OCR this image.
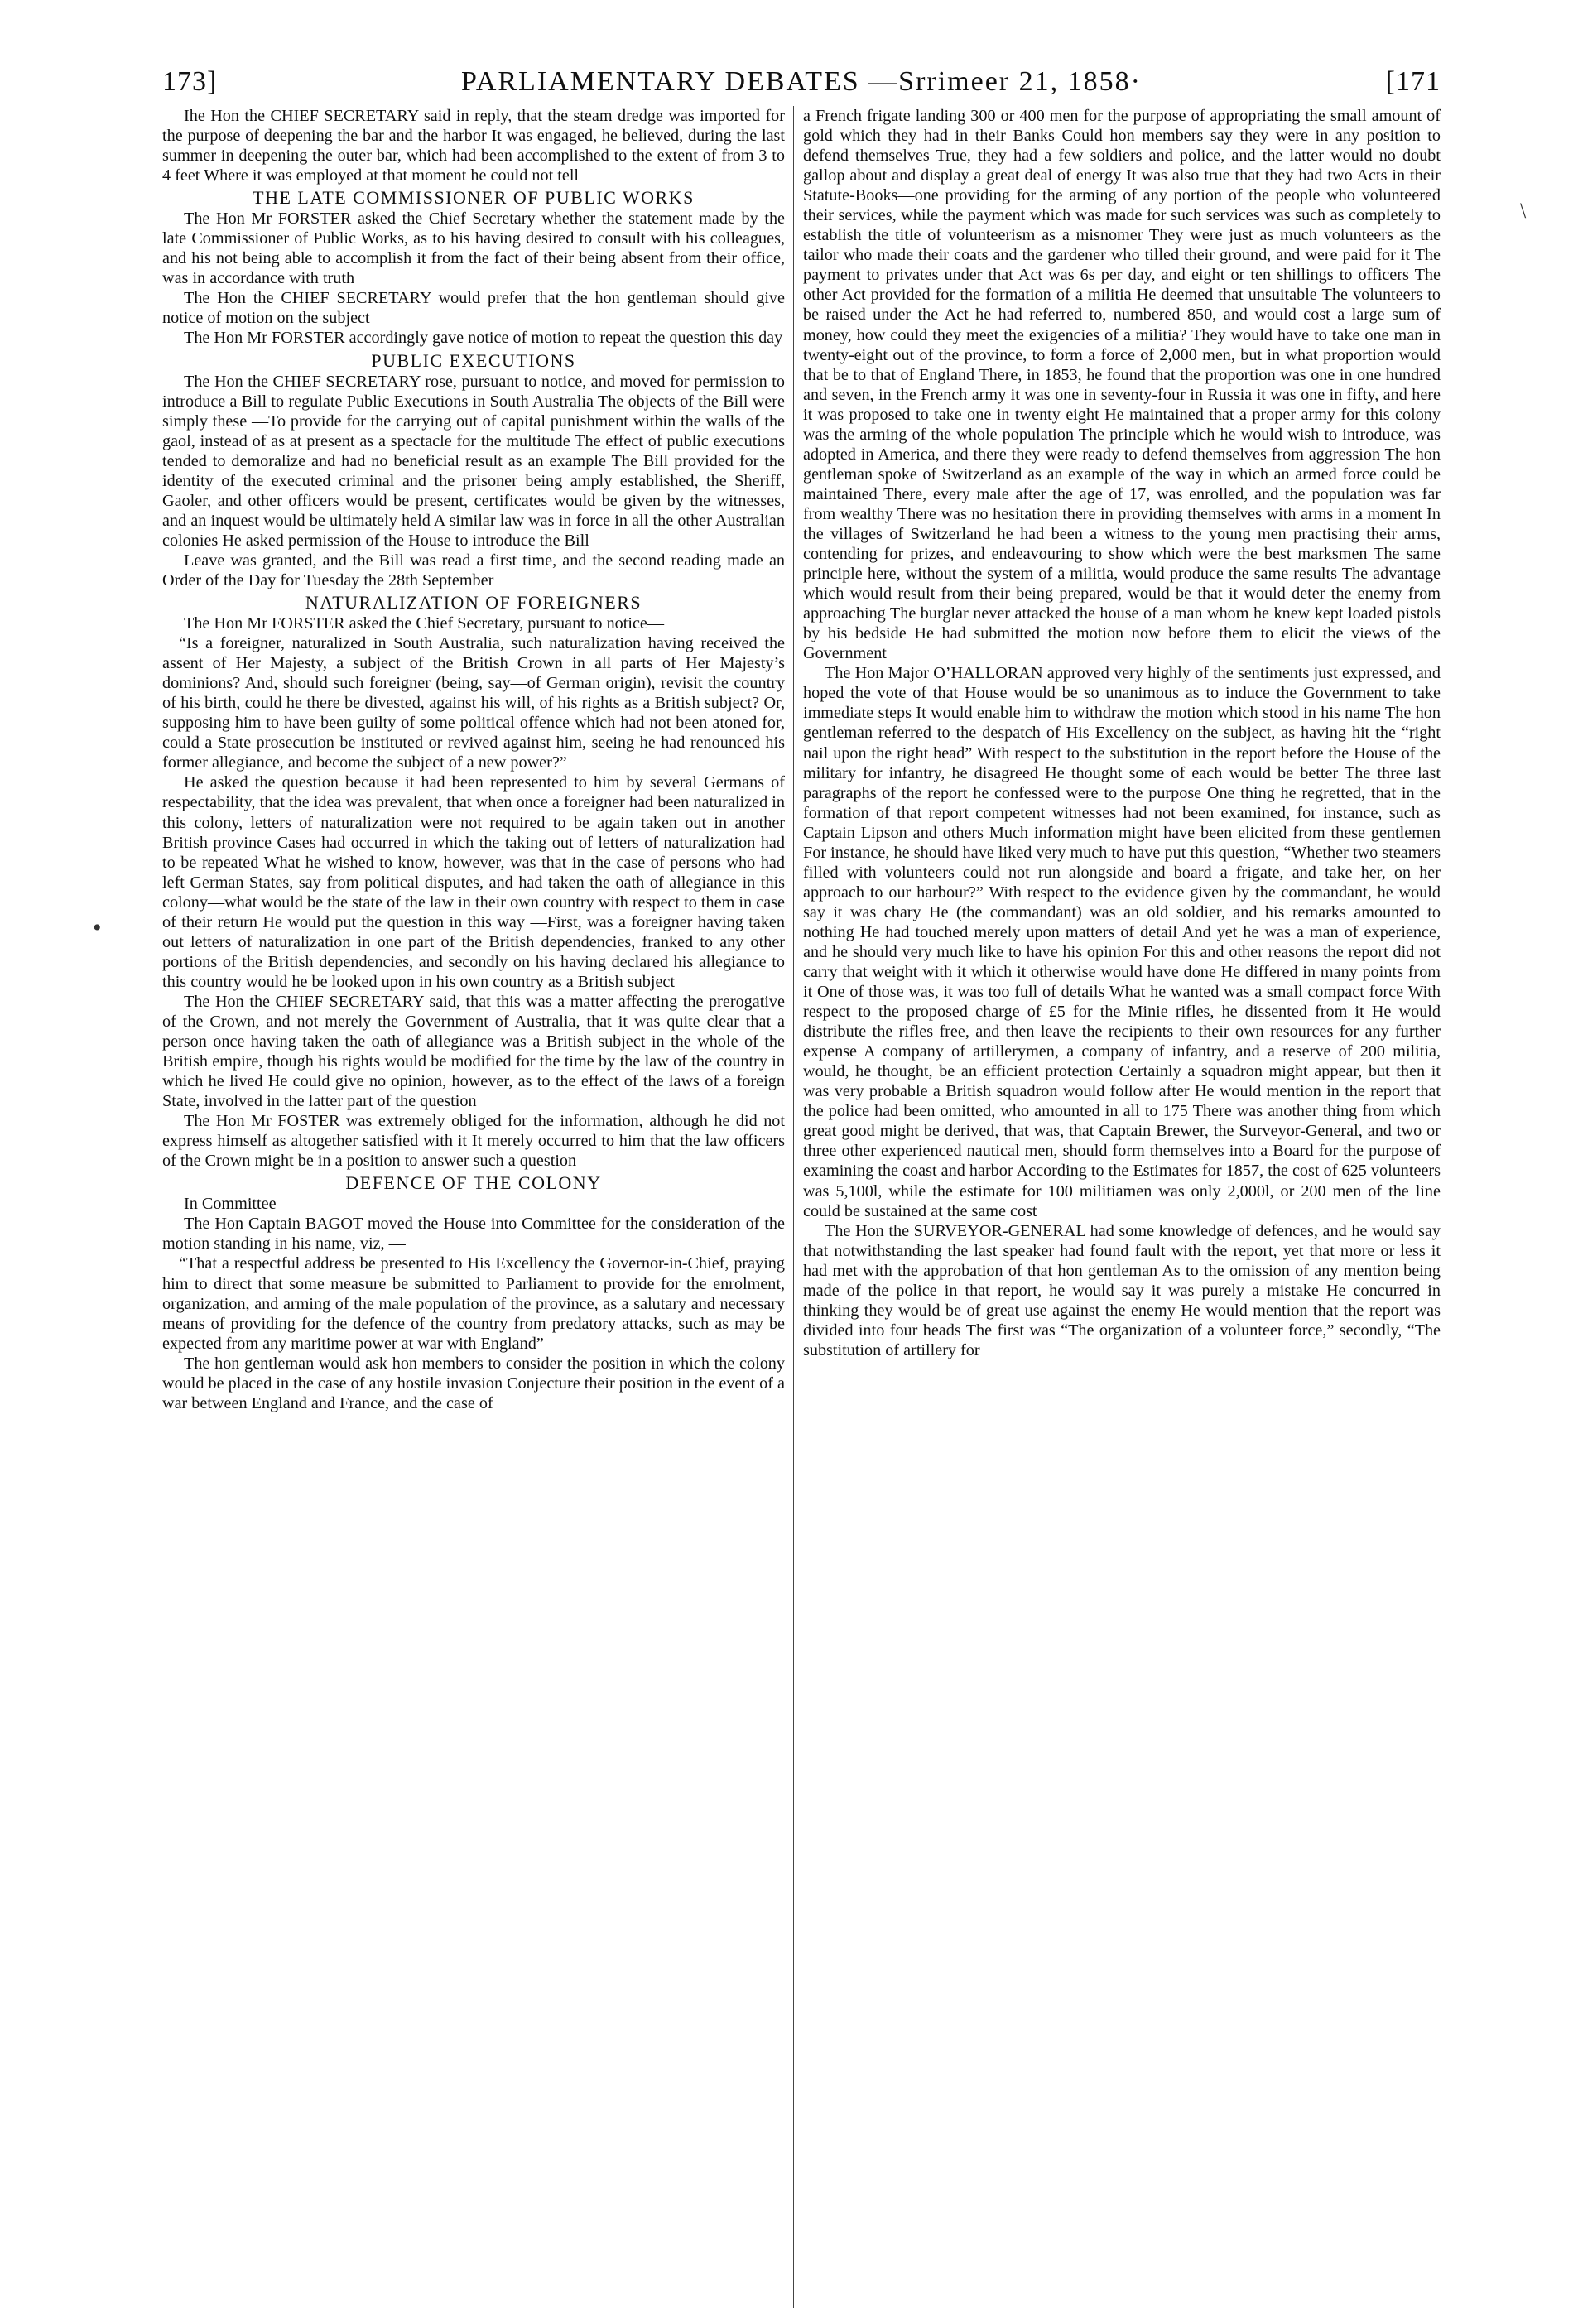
173]	PARLIAMENTARY DEBATES —Srrimeer 21, 1858·	[171

Ihe Hon the CHIEF SECRETARY said in reply, that the steam dredge was imported for the purpose of deepening the bar and the harbor It was engaged, he believed, during the last summer in deepening the outer bar, which had been accomplished to the extent of from 3 to 4 feet Where it was employed at that moment he could not tell

THE LATE COMMISSIONER OF PUBLIC WORKS

The Hon Mr FORSTER asked the Chief Secretary whether the statement made by the late Commissioner of Public Works, as to his having desired to consult with his colleagues, and his not being able to accomplish it from the fact of their being absent from their office, was in accordance with truth

The Hon the CHIEF SECRETARY would prefer that the hon gentleman should give notice of motion on the subject

The Hon Mr FORSTER accordingly gave notice of motion to repeat the question this day

PUBLIC EXECUTIONS

The Hon the CHIEF SECRETARY rose, pursuant to notice, and moved for permission to introduce a Bill to regulate Public Executions in South Australia The objects of the Bill were simply these —To provide for the carrying out of capital punishment within the walls of the gaol, instead of as at present as a spectacle for the multitude The effect of public executions tended to demoralize and had no beneficial result as an example The Bill provided for the identity of the executed criminal and the prisoner being amply established, the Sheriff, Gaoler, and other officers would be present, certificates would be given by the witnesses, and an inquest would be ultimately held A similar law was in force in all the other Australian colonies He asked permission of the House to introduce the Bill

Leave was granted, and the Bill was read a first time, and the second reading made an Order of the Day for Tuesday the 28th September

NATURALIZATION OF FOREIGNERS

The Hon Mr FORSTER asked the Chief Secretary, pursuant to notice—

“Is a foreigner, naturalized in South Australia, such naturalization having received the assent of Her Majesty, a subject of the British Crown in all parts of Her Majesty’s dominions? And, should such foreigner (being, say—of German origin), revisit the country of his birth, could he there be divested, against his will, of his rights as a British subject? Or, supposing him to have been guilty of some political offence which had not been atoned for, could a State prosecution be instituted or revived against him, seeing he had renounced his former allegiance, and become the subject of a new power?”

He asked the question because it had been represented to him by several Germans of respectability, that the idea was prevalent, that when once a foreigner had been naturalized in this colony, letters of naturalization were not required to be again taken out in another British province Cases had occurred in which the taking out of letters of naturalization had to be repeated What he wished to know, however, was that in the case of persons who had left German States, say from political disputes, and had taken the oath of allegiance in this colony—what would be the state of the law in their own country with respect to them in case of their return He would put the question in this way —First, was a foreigner having taken out letters of naturalization in one part of the British dependencies, franked to any other portions of the British dependencies, and secondly on his having declared his allegiance to this country would he be looked upon in his own country as a British subject

The Hon the CHIEF SECRETARY said, that this was a matter affecting the prerogative of the Crown, and not merely the Government of Australia, that it was quite clear that a person once having taken the oath of allegiance was a British subject in the whole of the British empire, though his rights would be modified for the time by the law of the country in which he lived He could give no opinion, however, as to the effect of the laws of a foreign State, involved in the latter part of the question

The Hon Mr FOSTER was extremely obliged for the information, although he did not express himself as altogether satisfied with it It merely occurred to him that the law officers of the Crown might be in a position to answer such a question

DEFENCE OF THE COLONY

In Committee

The Hon Captain BAGOT moved the House into Committee for the consideration of the motion standing in his name, viz, —

“That a respectful address be presented to His Excellency the Governor-in-Chief, praying him to direct that some measure be submitted to Parliament to provide for the enrolment, organization, and arming of the male population of the province, as a salutary and necessary means of providing for the defence of the country from predatory attacks, such as may be expected from any maritime power at war with England”

The hon gentleman would ask hon members to consider the position in which the colony would be placed in the case of any hostile invasion Conjecture their position in the event of a war between England and France, and the case of

a French frigate landing 300 or 400 men for the purpose of appropriating the small amount of gold which they had in their Banks Could hon members say they were in any position to defend themselves True, they had a few soldiers and police, and the latter would no doubt gallop about and display a great deal of energy It was also true that they had two Acts in their Statute-Books—one providing for the arming of any portion of the people who volunteered their services, while the payment which was made for such services was such as completely to establish the title of volunteerism as a misnomer They were just as much volunteers as the tailor who made their coats and the gardener who tilled their ground, and were paid for it The payment to privates under that Act was 6s per day, and eight or ten shillings to officers The other Act provided for the formation of a militia He deemed that unsuitable The volunteers to be raised under the Act he had referred to, numbered 850, and would cost a large sum of money, how could they meet the exigencies of a militia? They would have to take one man in twenty-eight out of the province, to form a force of 2,000 men, but in what proportion would that be to that of England There, in 1853, he found that the proportion was one in one hundred and seven, in the French army it was one in seventy-four in Russia it was one in fifty, and here it was proposed to take one in twenty eight He maintained that a proper army for this colony was the arming of the whole population The principle which he would wish to introduce, was adopted in America, and there they were ready to defend themselves from aggression The hon gentleman spoke of Switzerland as an example of the way in which an armed force could be maintained There, every male after the age of 17, was enrolled, and the population was far from wealthy There was no hesitation there in providing themselves with arms in a moment In the villages of Switzerland he had been a witness to the young men practising their arms, contending for prizes, and endeavouring to show which were the best marksmen The same principle here, without the system of a militia, would produce the same results The advantage which would result from their being prepared, would be that it would deter the enemy from approaching The burglar never attacked the house of a man whom he knew kept loaded pistols by his bedside He had submitted the motion now before them to elicit the views of the Government

The Hon Major O’HALLORAN approved very highly of the sentiments just expressed, and hoped the vote of that House would be so unanimous as to induce the Government to take immediate steps It would enable him to withdraw the motion which stood in his name The hon gentleman referred to the despatch of His Excellency on the subject, as having hit the “right nail upon the right head” With respect to the substitution in the report before the House of the military for infantry, he disagreed He thought some of each would be better The three last paragraphs of the report he confessed were to the purpose One thing he regretted, that in the formation of that report competent witnesses had not been examined, for instance, such as Captain Lipson and others Much information might have been elicited from these gentlemen For instance, he should have liked very much to have put this question, “Whether two steamers filled with volunteers could not run alongside and board a frigate, and take her, on her approach to our harbour?” With respect to the evidence given by the commandant, he would say it was chary He (the commandant) was an old soldier, and his remarks amounted to nothing He had touched merely upon matters of detail And yet he was a man of experience, and he should very much like to have his opinion For this and other reasons the report did not carry that weight with it which it otherwise would have done He differed in many points from it One of those was, it was too full of details What he wanted was a small compact force With respect to the proposed charge of £5 for the Minie rifles, he dissented from it He would distribute the rifles free, and then leave the recipients to their own resources for any further expense A company of artillerymen, a company of infantry, and a reserve of 200 militia, would, he thought, be an efficient protection Certainly a squadron might appear, but then it was very probable a British squadron would follow after He would mention in the report that the police had been omitted, who amounted in all to 175 There was another thing from which great good might be derived, that was, that Captain Brewer, the Surveyor-General, and two or three other experienced nautical men, should form themselves into a Board for the purpose of examining the coast and harbor According to the Estimates for 1857, the cost of 625 volunteers was 5,100l, while the estimate for 100 militiamen was only 2,000l, or 200 men of the line could be sustained at the same cost

The Hon the SURVEYOR-GENERAL had some knowledge of defences, and he would say that notwithstanding the last speaker had found fault with the report, yet that more or less it had met with the approbation of that hon gentleman As to the omission of any mention being made of the police in that report, he would say it was purely a mistake He concurred in thinking they would be of great use against the enemy He would mention that the report was divided into four heads The first was “The organization of a volunteer force,” secondly, “The substitution of artillery for

•
\
